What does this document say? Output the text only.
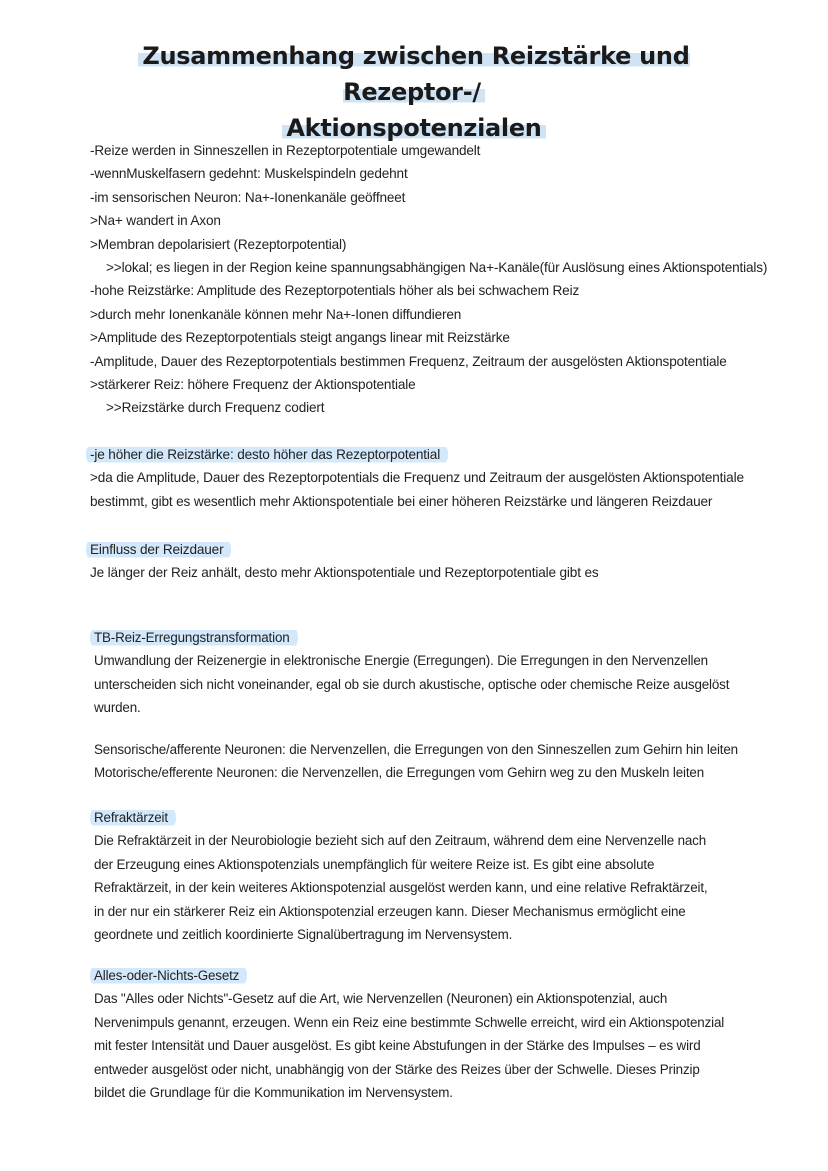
Zusammenhang zwischen Reizstärke und Rezeptor-/
Aktionspotenzialen
-Reize werden in Sinneszellen in Rezeptorpotentiale umgewandelt
-wennMuskelfasern gedehnt: Muskelspindeln gedehnt
-im sensorischen Neuron: Na+-Ionenkanäle geöffneet
>Na+ wandert in Axon
>Membran depolarisiert (Rezeptorpotential)
>>lokal; es liegen in der Region keine spannungsabhängigen Na+-Kanäle(für Auslösung eines Aktionspotentials)
-hohe Reizstärke: Amplitude des Rezeptorpotentials höher als bei schwachem Reiz
>durch mehr Ionenkanäle können mehr Na+-Ionen diffundieren
>Amplitude des Rezeptorpotentials steigt angangs linear mit Reizstärke
-Amplitude, Dauer des Rezeptorpotentials bestimmen Frequenz, Zeitraum der ausgelösten Aktionspotentiale
>stärkerer Reiz: höhere Frequenz der Aktionspotentiale
>>Reizstärke durch Frequenz codiert
-je höher die Reizstärke: desto höher das Rezeptorpotential
>da die Amplitude, Dauer des Rezeptorpotentials die Frequenz und Zeitraum der ausgelösten Aktionspotentiale
bestimmt, gibt es wesentlich mehr Aktionspotentiale bei einer höheren Reizstärke und längeren Reizdauer
Einfluss der Reizdauer
Je länger der Reiz anhält, desto mehr Aktionspotentiale und Rezeptorpotentiale gibt es
TB-Reiz-Erregungstransformation
Umwandlung der Reizenergie in elektronische Energie (Erregungen). Die Erregungen in den Nervenzellen
unterscheiden sich nicht voneinander, egal ob sie durch akustische, optische oder chemische Reize ausgelöst
wurden.
Sensorische/afferente Neuronen: die Nervenzellen, die Erregungen von den Sinneszellen zum Gehirn hin leiten
Motorische/efferente Neuronen: die Nervenzellen, die Erregungen vom Gehirn weg zu den Muskeln leiten
Refraktärzeit
Die Refraktärzeit in der Neurobiologie bezieht sich auf den Zeitraum, während dem eine Nervenzelle nach
der Erzeugung eines Aktionspotenzials unempfänglich für weitere Reize ist. Es gibt eine absolute
Refraktärzeit, in der kein weiteres Aktionspotenzial ausgelöst werden kann, und eine relative Refraktärzeit,
in der nur ein stärkerer Reiz ein Aktionspotenzial erzeugen kann. Dieser Mechanismus ermöglicht eine
geordnete und zeitlich koordinierte Signalübertragung im Nervensystem.
Alles-oder-Nichts-Gesetz
Das "Alles oder Nichts"-Gesetz auf die Art, wie Nervenzellen (Neuronen) ein Aktionspotenzial, auch
Nervenimpuls genannt, erzeugen. Wenn ein Reiz eine bestimmte Schwelle erreicht, wird ein Aktionspotenzial
mit fester Intensität und Dauer ausgelöst. Es gibt keine Abstufungen in der Stärke des Impulses – es wird
entweder ausgelöst oder nicht, unabhängig von der Stärke des Reizes über der Schwelle. Dieses Prinzip
bildet die Grundlage für die Kommunikation im Nervensystem.
